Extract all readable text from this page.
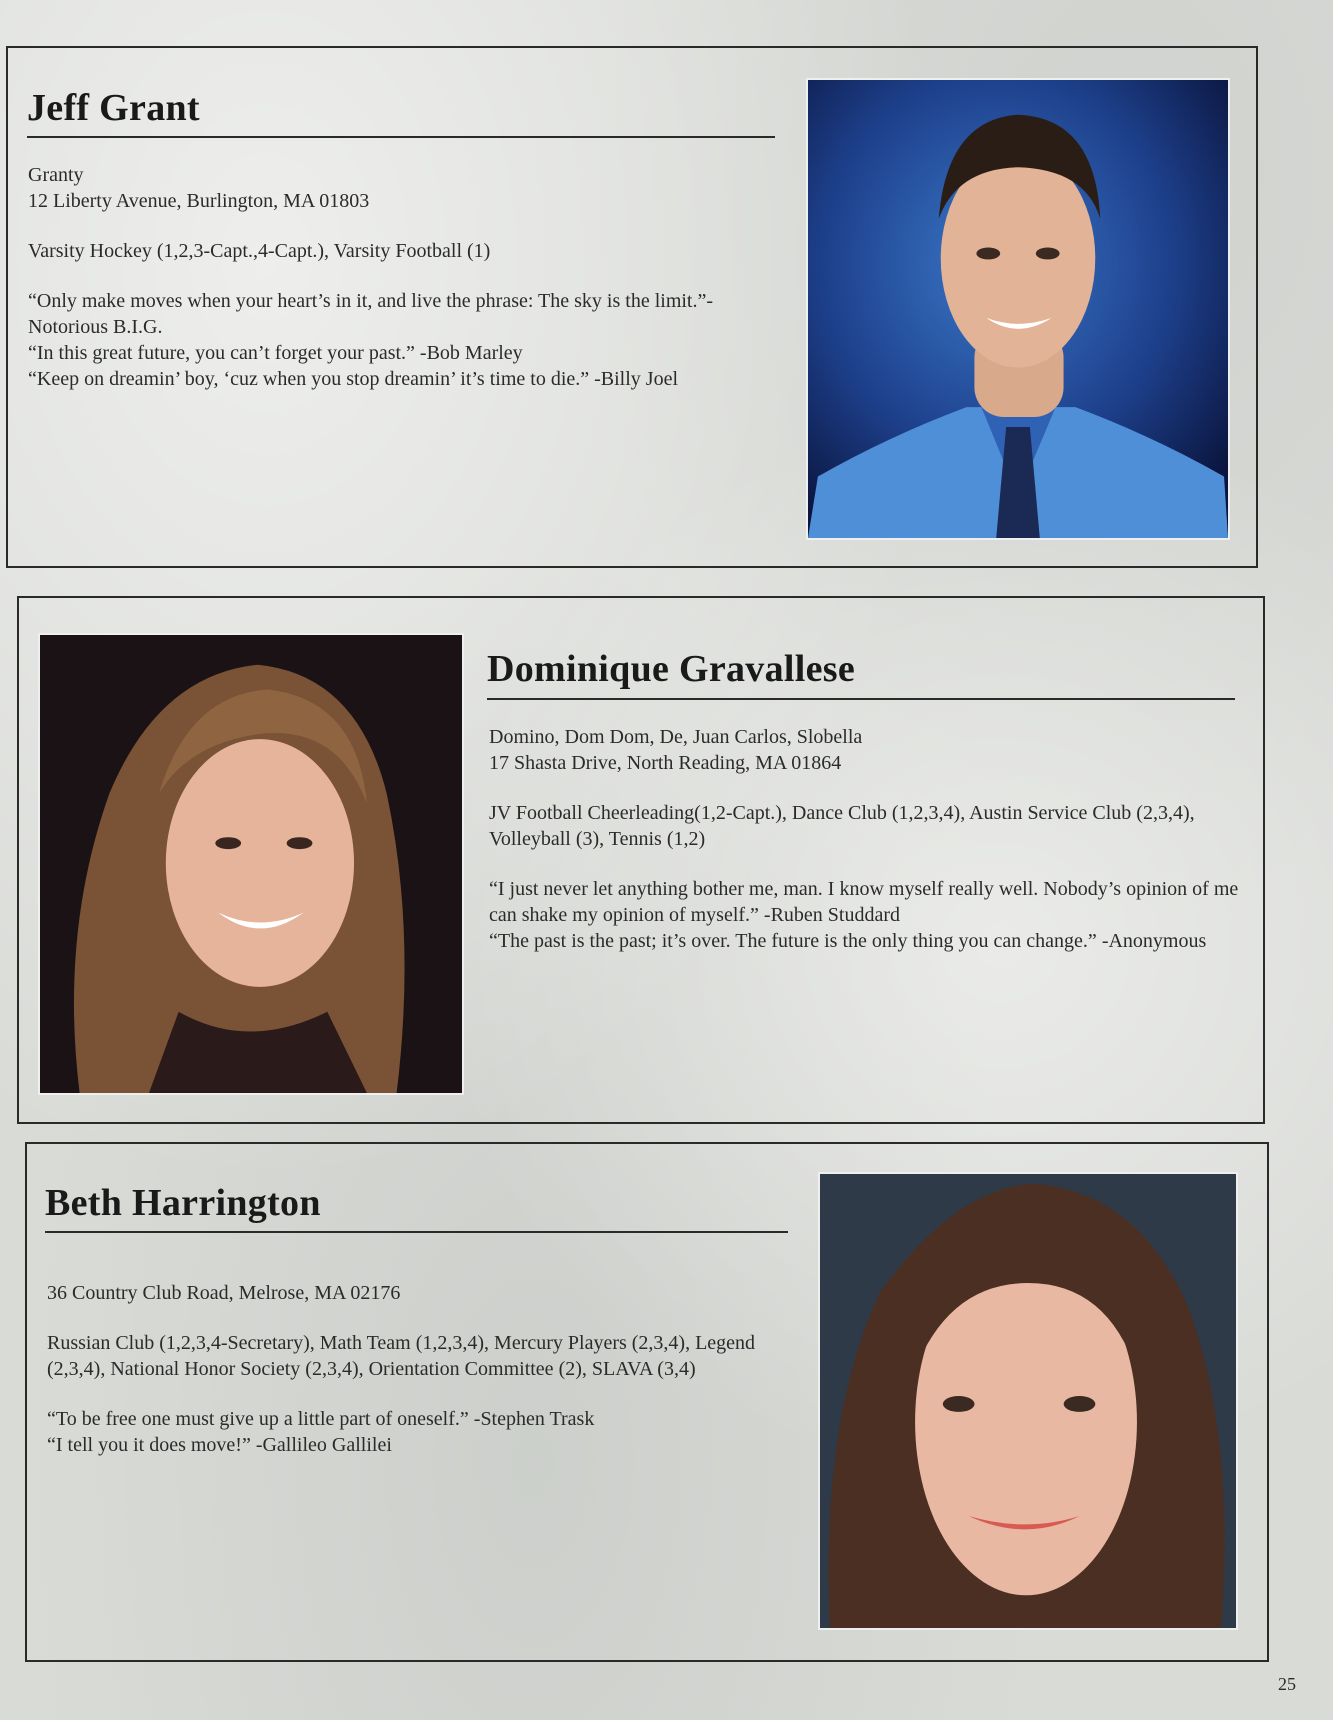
Jeff Grant

Granty

12 Liberty Avenue, Burlington, MA 01803

Varsity Hockey (1,2,3-Capt.,4-Capt.), Varsity Football (1)

“Only make moves when your heart’s in it, and live the phrase: The sky is the limit.”- Notorious B.I.G.

“In this great future, you can’t forget your past.” -Bob Marley

“Keep on dreamin’ boy, ‘cuz when you stop dreamin’ it’s time to die.” -Billy Joel

Dominique Gravallese

Domino, Dom Dom, De, Juan Carlos, Slobella

17 Shasta Drive, North Reading, MA 01864

JV Football Cheerleading(1,2-Capt.), Dance Club (1,2,3,4), Austin Service Club (2,3,4), Volleyball (3), Tennis (1,2)

“I just never let anything bother me, man. I know myself really well. Nobody’s opinion of me can shake my opinion of myself.” -Ruben Studdard

“The past is the past; it’s over. The future is the only thing you can change.” -Anonymous

Beth Harrington

36 Country Club Road, Melrose, MA 02176

Russian Club (1,2,3,4-Secretary), Math Team (1,2,3,4), Mercury Players (2,3,4), Legend (2,3,4), National Honor Society (2,3,4), Orientation Committee (2), SLAVA (3,4)

“To be free one must give up a little part of oneself.” -Stephen Trask

“I tell you it does move!” -Gallileo Gallilei

25
